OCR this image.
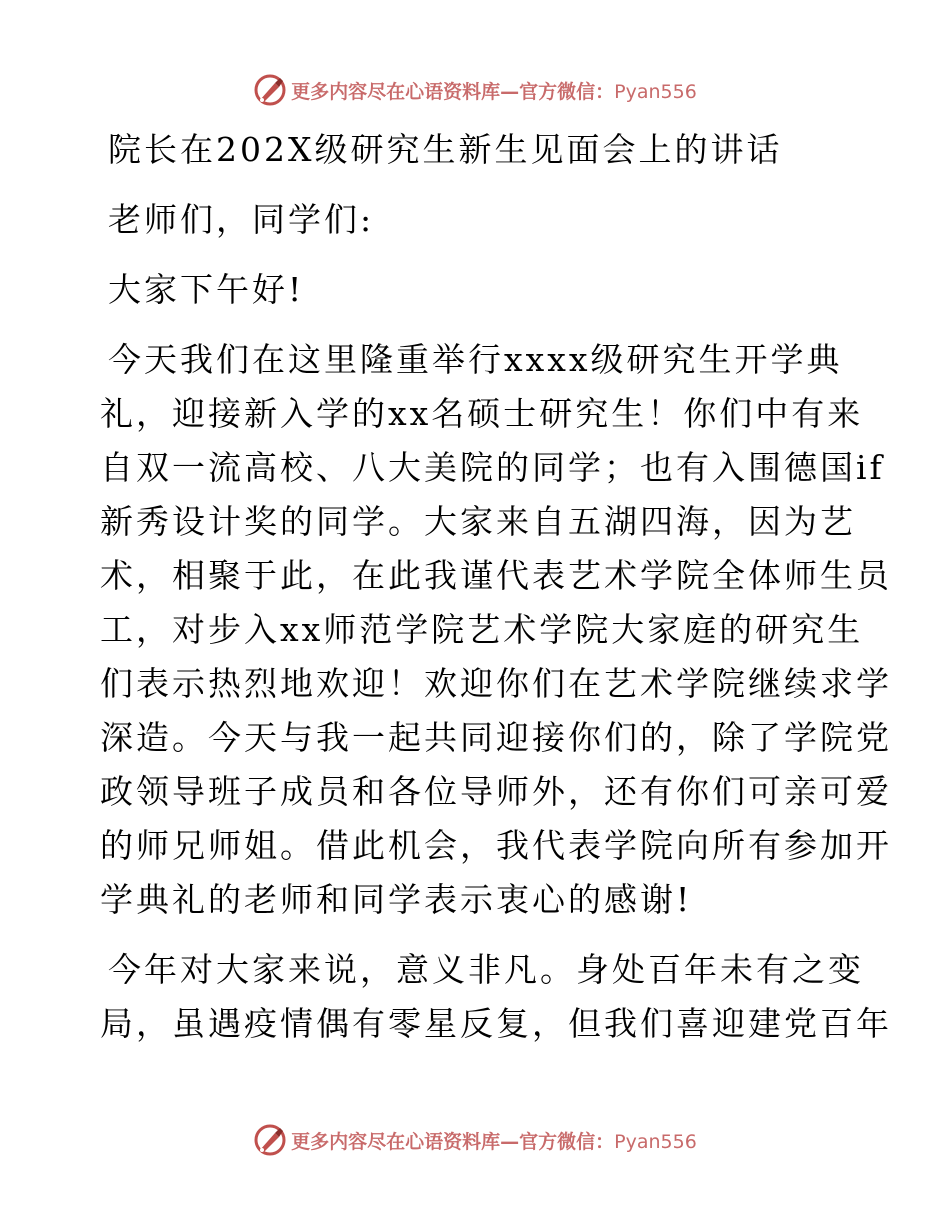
更多内容尽在心语资料库—官方微信：Pyan556
院长在202X级研究生新生见面会上的讲话
老师们，同学们:
大家下午好!
今天我们在这里隆重举行xxxx级研究生开学典
礼，迎接新入学的xx名硕士研究生！你们中有来
自双一流高校、八大美院的同学；也有入围德国if
新秀设计奖的同学。大家来自五湖四海，因为艺
术，相聚于此，在此我谨代表艺术学院全体师生员
工，对步入xx师范学院艺术学院大家庭的研究生
们表示热烈地欢迎！欢迎你们在艺术学院继续求学
深造。今天与我一起共同迎接你们的，除了学院党
政领导班子成员和各位导师外，还有你们可亲可爱
的师兄师姐。借此机会，我代表学院向所有参加开
学典礼的老师和同学表示衷心的感谢!
今年对大家来说，意义非凡。身处百年未有之变
局，虽遇疫情偶有零星反复，但我们喜迎建党百年
更多内容尽在心语资料库—官方微信：Pyan556
